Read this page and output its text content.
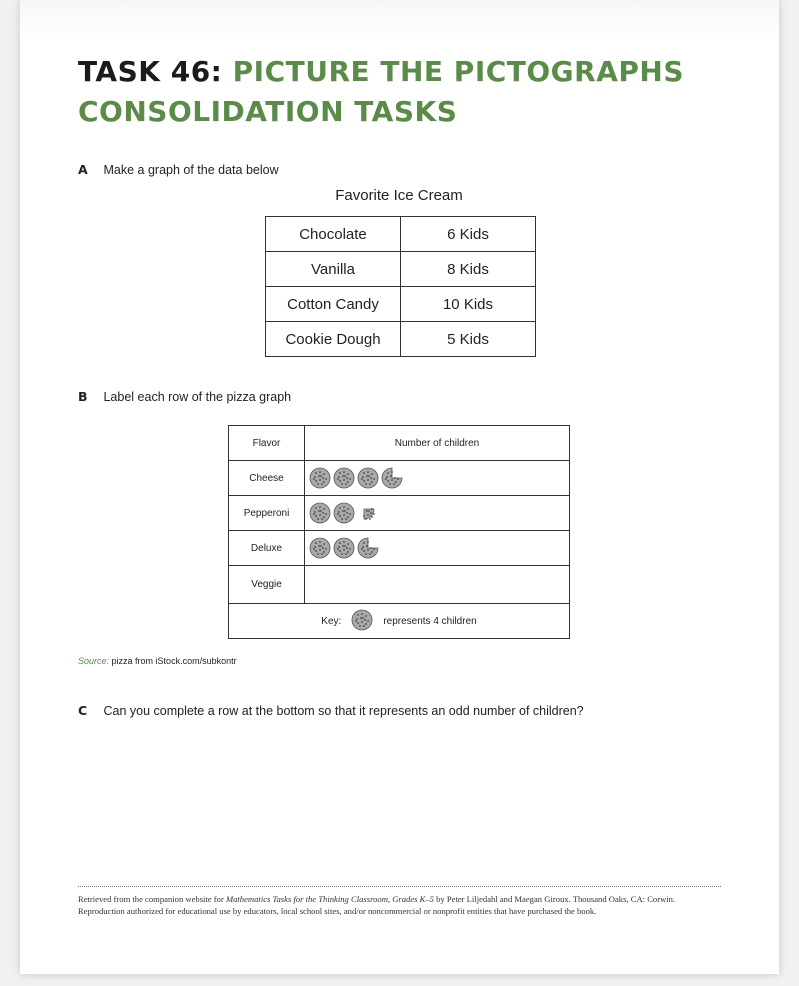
TASK 46: PICTURE THE PICTOGRAPHS
CONSOLIDATION TASKS
A Make a graph of the data below
Favorite Ice Cream
Chocolate	6 Kids
Vanilla	8 Kids
Cotton Candy	10 Kids
Cookie Dough	5 Kids
B Label each row of the pizza graph
Flavor	Number of children
Cheese
Pepperoni
Deluxe
Veggie
Key:	represents 4 children
Source: pizza from iStock.com/subkontr
C Can you complete a row at the bottom so that it represents an odd number of children?
Retrieved from the companion website for Mathematics Tasks for the Thinking Classroom, Grades K–5 by Peter Liljedahl and Maegan Giroux. Thousand Oaks, CA: Corwin. Reproduction authorized for educational use by educators, local school sites, and/or noncommercial or nonprofit entities that have purchased the book.
